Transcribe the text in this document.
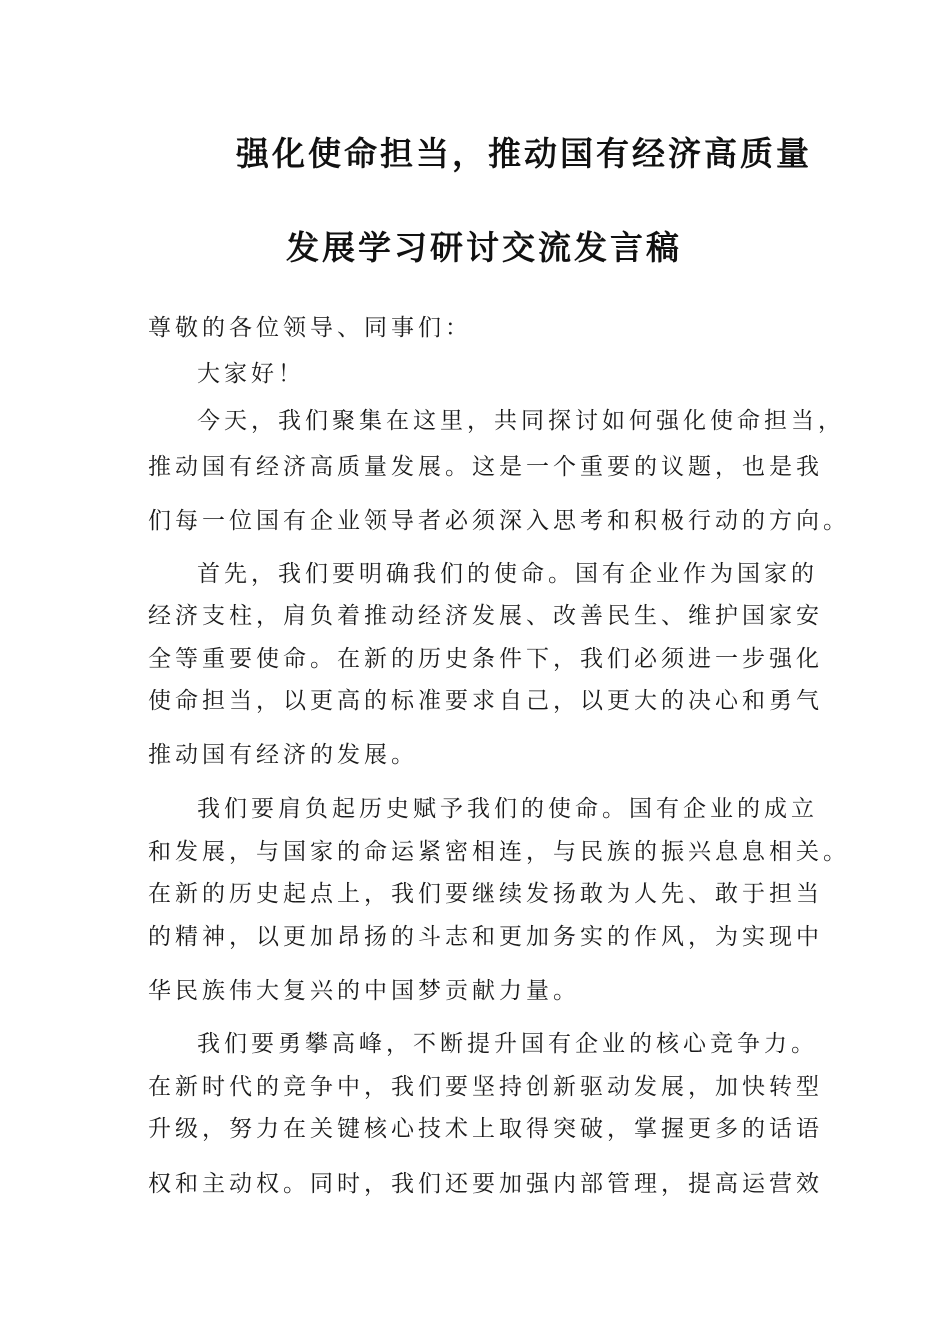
强化使命担当，推动国有经济高质量
发展学习研讨交流发言稿
尊敬的各位领导、同事们：
大家好！
今天，我们聚集在这里，共同探讨如何强化使命担当，
推动国有经济高质量发展。这是一个重要的议题，也是我
们每一位国有企业领导者必须深入思考和积极行动的方向。
首先，我们要明确我们的使命。国有企业作为国家的
经济支柱，肩负着推动经济发展、改善民生、维护国家安
全等重要使命。在新的历史条件下，我们必须进一步强化
使命担当，以更高的标准要求自己，以更大的决心和勇气
推动国有经济的发展。
我们要肩负起历史赋予我们的使命。国有企业的成立
和发展，与国家的命运紧密相连，与民族的振兴息息相关。
在新的历史起点上，我们要继续发扬敢为人先、敢于担当
的精神，以更加昂扬的斗志和更加务实的作风，为实现中
华民族伟大复兴的中国梦贡献力量。
我们要勇攀高峰，不断提升国有企业的核心竞争力。
在新时代的竞争中，我们要坚持创新驱动发展，加快转型
升级，努力在关键核心技术上取得突破，掌握更多的话语
权和主动权。同时，我们还要加强内部管理，提高运营效
